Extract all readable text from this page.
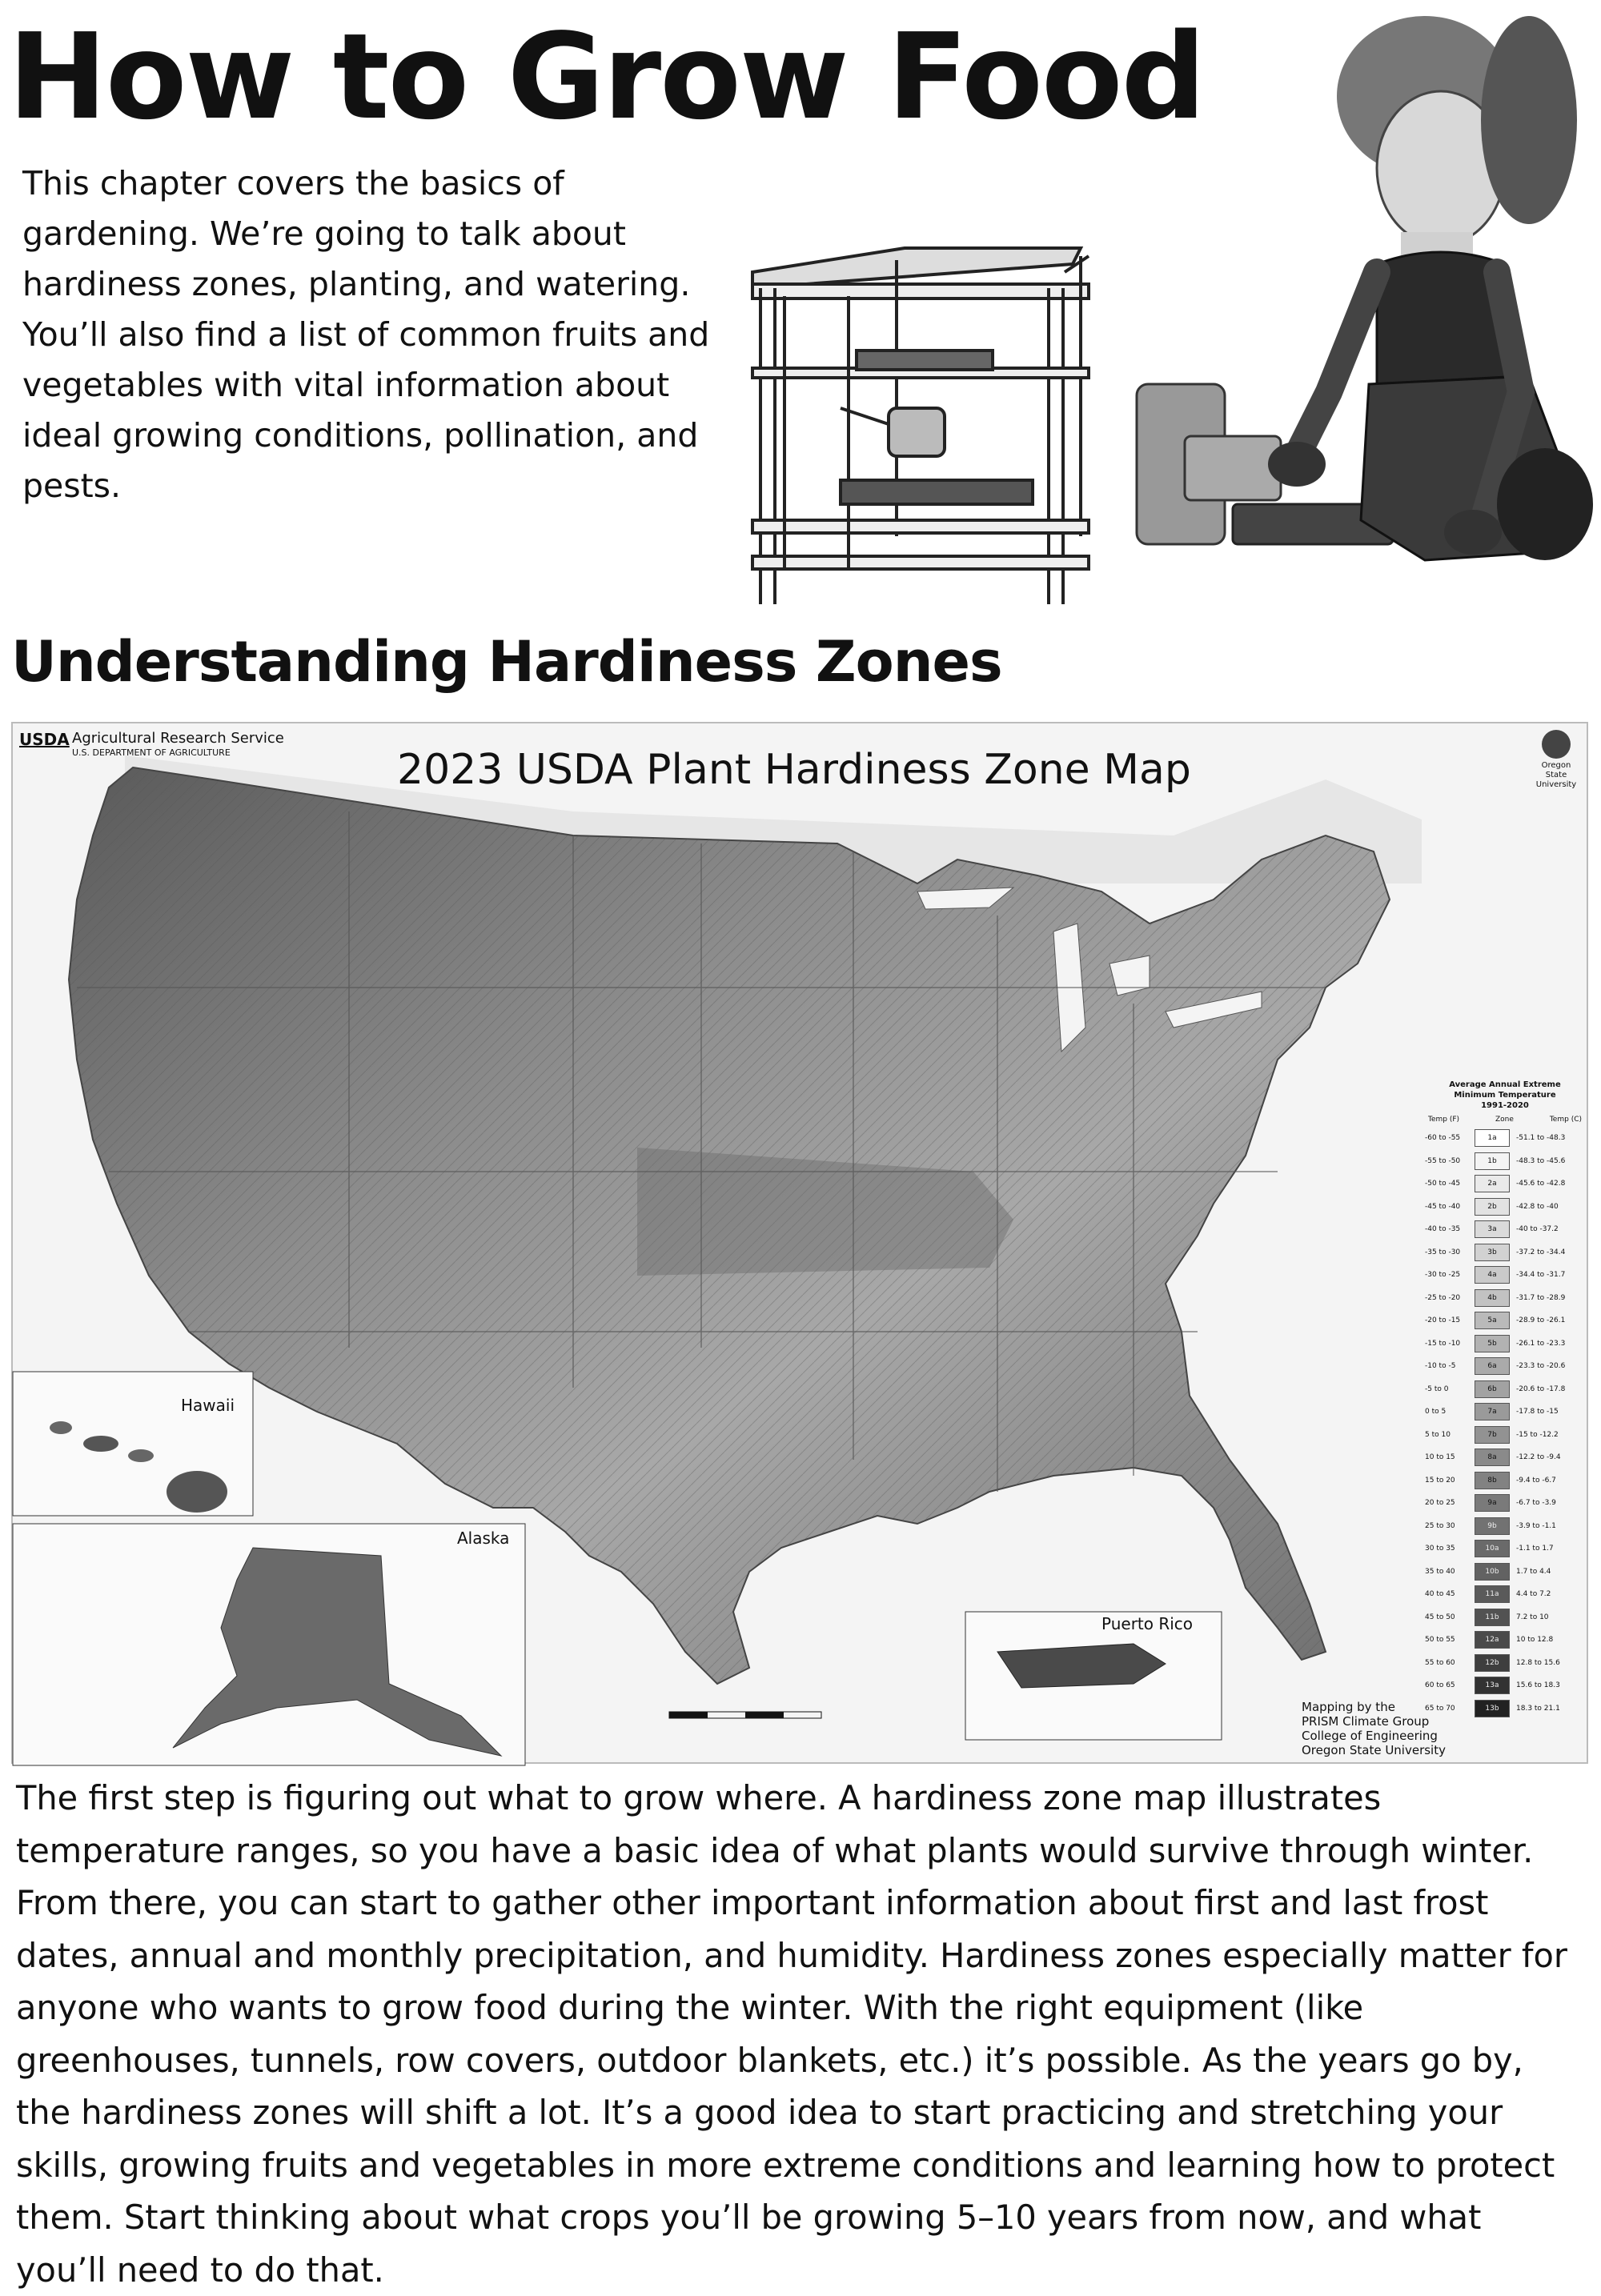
How to Grow Food
This chapter covers the basics of gardening. We’re going to talk about hardiness zones, planting, and watering. You’ll also find a list of common fruits and vegetables with vital information about ideal growing conditions, pollination, and pests.
Understanding Hardiness Zones
USDA Agricultural Research Service
U.S. DEPARTMENT OF AGRICULTURE	2023 USDA Plant Hardiness Zone Map	Oregon State University
Hawaii
Alaska
Puerto Rico
Average Annual Extreme
Minimum Temperature
1991-2020
Temp (F)	Zone	Temp (C)
-60 to -55	1a	-51.1 to -48.3
-55 to -50	1b	-48.3 to -45.6
-50 to -45	2a	-45.6 to -42.8
-45 to -40	2b	-42.8 to -40
-40 to -35	3a	-40 to -37.2
-35 to -30	3b	-37.2 to -34.4
-30 to -25	4a	-34.4 to -31.7
-25 to -20	4b	-31.7 to -28.9
-20 to -15	5a	-28.9 to -26.1
-15 to -10	5b	-26.1 to -23.3
-10 to -5	6a	-23.3 to -20.6
-5 to 0	6b	-20.6 to -17.8
0 to 5	7a	-17.8 to -15
5 to 10	7b	-15 to -12.2
10 to 15	8a	-12.2 to -9.4
15 to 20	8b	-9.4 to -6.7
20 to 25	9a	-6.7 to -3.9
25 to 30	9b	-3.9 to -1.1
30 to 35	10a	-1.1 to 1.7
35 to 40	10b	1.7 to 4.4
40 to 45	11a	4.4 to 7.2
45 to 50	11b	7.2 to 10
50 to 55	12a	10 to 12.8
55 to 60	12b	12.8 to 15.6
60 to 65	13a	15.6 to 18.3
65 to 70	13b	18.3 to 21.1
Mapping by the
PRISM Climate Group
College of Engineering
Oregon State University
The first step is figuring out what to grow where. A hardiness zone map illustrates temperature ranges, so you have a basic idea of what plants would survive through winter. From there, you can start to gather other important information about first and last frost dates, annual and monthly precipitation, and humidity. Hardiness zones especially matter for anyone who wants to grow food during the winter. With the right equipment (like greenhouses, tunnels, row covers, outdoor blankets, etc.) it’s possible. As the years go by, the hardiness zones will shift a lot. It’s a good idea to start practicing and stretching your skills, growing fruits and vegetables in more extreme conditions and learning how to protect them. Start thinking about what crops you’ll be growing 5–10 years from now, and what you’ll need to do that.
